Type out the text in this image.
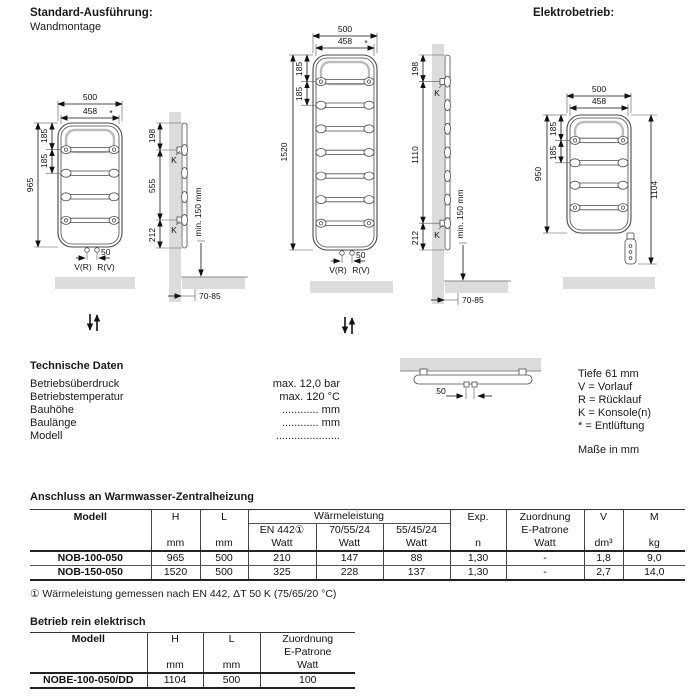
Standard-Ausführung:
Wandmontage
Elektrobetrieb:
500
458 *
185
185
965
50
V(R) R(V)
K
K
198
555
212	min. 150 mm
70-85
500
458 *
185
185
1520
50
V(R) R(V)
K
K
198
1110
212	min. 150 mm
70-85
500
458
185
185
950
1104
50
Technische Daten
Betriebsüberdruck	max. 12,0 bar
Betriebstemperatur	max. 120 °C
Bauhöhe	............ mm
Baulänge	............ mm
Modell	.....................
Tiefe 61 mm
V = Vorlauf
R = Rücklauf
K = Konsole(n)
* = Entlüftung
Maße in mm
Anschluss an Warmwasser-Zentralheizung
Modell	H	L	Wärmeleistung			Exp.	Zuordnung	V	M
			EN 442①	70/55/24	55/45/24		E-Patrone		
	mm	mm	Watt	Watt	Watt	n	Watt	dm³	kg
NOB-100-050	965	500	210	147	88	1,30	-	1,8	9,0
NOB-150-050	1520	500	325	228	137	1,30	-	2,7	14,0
① Wärmeleistung gemessen nach EN 442, ΔT 50 K (75/65/20 °C)
Betrieb rein elektrisch
Modell	H	L	Zuordnung
			E-Patrone
	mm	mm	Watt
NOBE-100-050/DD	1104	500	100
